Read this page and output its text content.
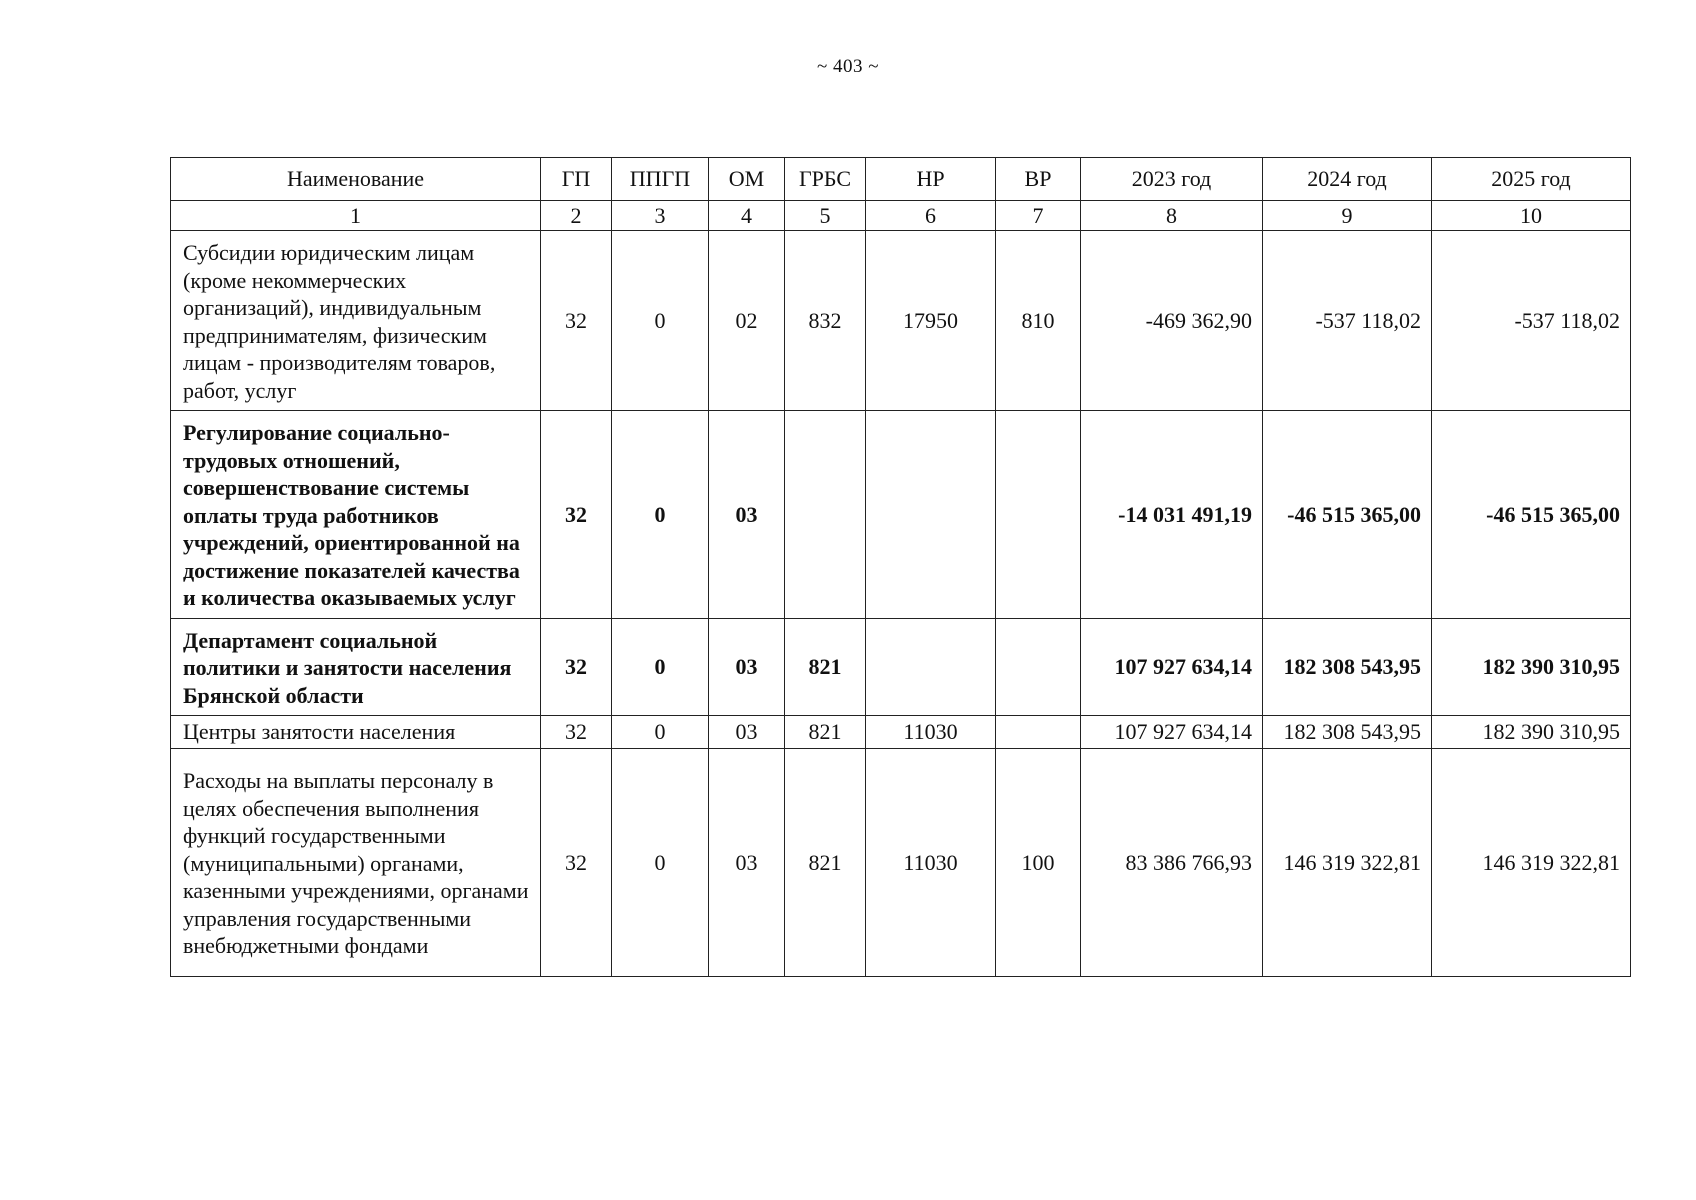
~ 403 ~
Наименование	ГП	ППГП	ОМ	ГРБС	НР	ВР	2023 год	2024 год	2025 год
1	2	3	4	5	6	7	8	9	10
Субсидии юридическим лицам (кроме некоммерческих организаций), индивидуальным предпринимателям, физическим лицам - производителям товаров, работ, услуг	32	0	02	832	17950	810	-469 362,90	-537 118,02	-537 118,02
Регулирование социально-трудовых отношений, совершенствование системы оплаты труда работников учреждений, ориентированной на достижение показателей качества и количества оказываемых услуг	32	0	03				-14 031 491,19	-46 515 365,00	-46 515 365,00
Департамент социальной политики и занятости населения Брянской области	32	0	03	821			107 927 634,14	182 308 543,95	182 390 310,95
Центры занятости населения	32	0	03	821	11030		107 927 634,14	182 308 543,95	182 390 310,95
Расходы на выплаты персоналу в целях обеспечения выполнения функций государственными (муниципальными) органами, казенными учреждениями, органами управления государственными внебюджетными фондами	32	0	03	821	11030	100	83 386 766,93	146 319 322,81	146 319 322,81
